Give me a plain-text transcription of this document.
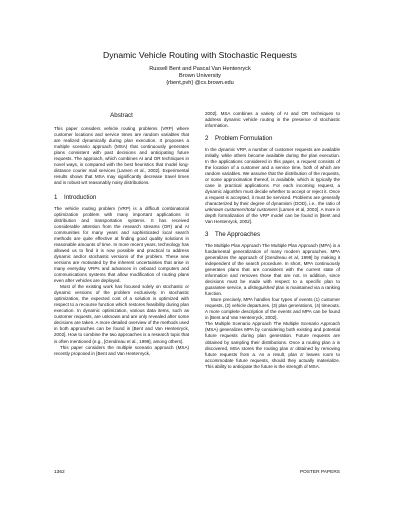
Dynamic Vehicle Routing with Stochastic Requests
Russell Bent and Pascal Van Hentenryck
Brown University
{rbent,pvh} @cs.brown.edu
Abstract

This paper considers vehicle routing problems (VRP) where customer locations and service times are random variables that are realized dynamically during plan execution. It proposes a multiple scenario approach (MSA) that continuously generates plans consistent with past decisions and anticipating future requests. The approach, which combines AI and OR techniques in novel ways, is compared with the best heuristics that model long-distance courier mail services [Larsen et al., 2002]. Experimental results shows that MSA may significantly decrease travel times and is robust wrt reasonably noisy distributions.

1 Introduction

The vehicle routing problem (VRP) is a difficult combinatorial optimization problem with many important applications in distribution and transportation systems. It has received considerable attention from the research streams (OR) and AI communities for many years and sophisticated local search methods are quite effective at finding good quality solutions in reasonable amounts of time. In more recent years, technology has allowed us to find it is now possible and practical to address dynamic and/or stochastic versions of the problem. These new versions are motivated by the inherent uncertainties that arise in many everyday VRPs and advances in onboard computers and communications systems that allow modification of routing plans even after vehicles are deployed.

Most of the existing work has focused solely on stochastic or dynamic versions of the problem exclusively. In stochastic optimization, the expected cost of a solution is optimized with respect to a recourse function which restores feasibility during plan execution. In dynamic optimization, various data items, such as customer requests, are unknown and are only revealed after some decisions are taken. A more detailed overview of the methods used in both approaches can be found in [Bent and Van Hentenryck, 2002]. How to combine the two approaches is a research topic that is often mentioned (e.g., [Gendreau et al., 1999], among others).

This paper considers the multiple scenario approach (MSA) recently proposed in [Bent and Van Hentenryck,

2002]. MSA combines a variety of AI and OR techniques to address dynamic vehicle routing in the presence of stochastic information.

2 Problem Formulation

In the dynamic VRP, a number of customer requests are available initially, while others become available during the plan execution. In the applications considered in this paper, a request consists of the location of a customer and a service time, both of which are random variables. We assume that the distribution of the requests, or some approximation thereof, is available, which is typically the case in practical applications. For each incoming request, a dynamic algorithm must decide whether to accept or reject it. Once a request is accepted, it must be serviced. Problems are generally characterized by their degree of dynamism (DOD), i.e., the ratio of unknown customers/total customers [Larsen et al, 2002]. A more in depth formalization of the VRP model can be found in [Bent and Van Hentenryck, 2002].

3 The Approaches

The Multiple Plan Approach The Multiple Plan Approach (MPA) is a fundamental generalization of many modern approaches. MPA generalizes the approach of [Gendreau et al, 1999] by making it independent of the search procedure. In short, MPA continuously generates plans that are consistent with the current state of information and removes those that are not. In addition, since decisions must be made with respect to a specific plan to guarantee service, a distinguished plan is maintained via a ranking function.

More precisely, MPA handles four types of events (1) customer requests, (2) vehicle departures, (3) plan generations, (4) timeouts. A more complete description of the events and MPA can be found in [Bent and Van Hentenryck, 2002].

The Multiple Scenario Approach The Multiple Scenario Approach (MSA) generalizes MPA by considering both existing and potential future requests during plan generation. Future requests are obtained by sampling their distributions. Once a routing plan a is discovered, MSA stores the routing plan a' obtained by removing future requests from a. As a result, plan a' leaves room to accommodate future requests, should they actually materialize. This ability to anticipate the future is the strength of MSA.

1362	POSTER PAPERS
